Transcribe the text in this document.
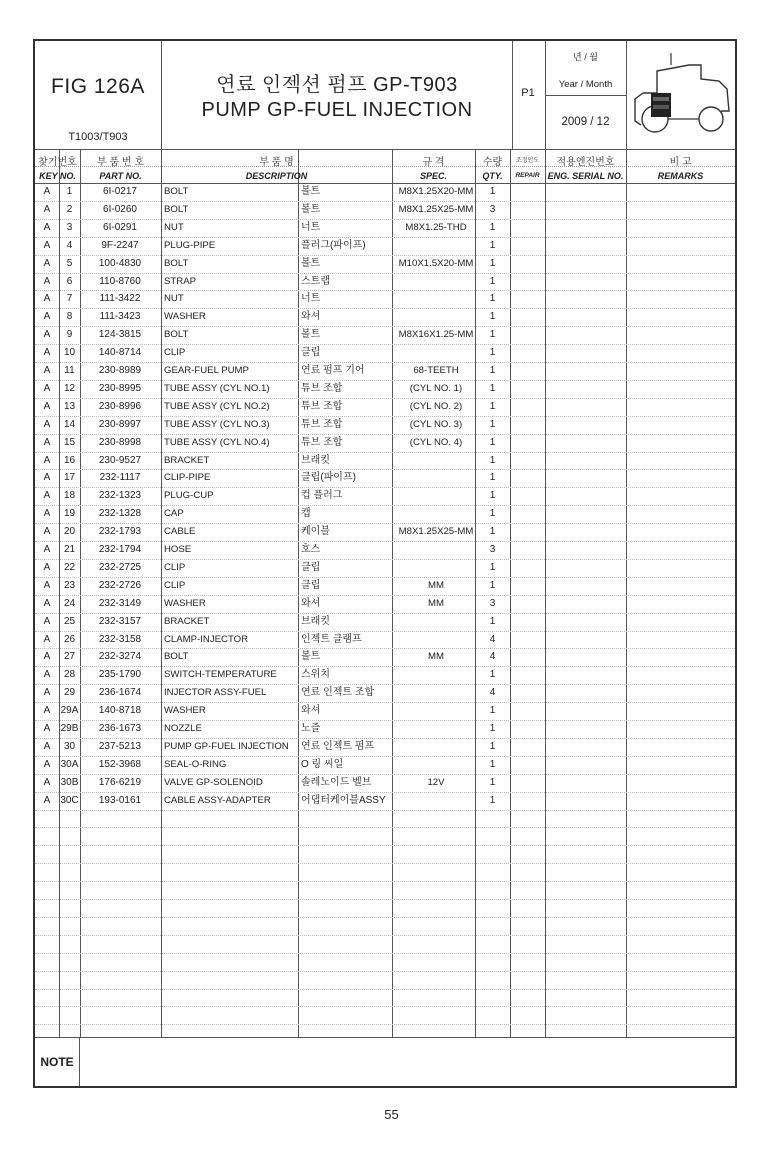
FIG 126A
T1003/T903
연료 인젝션 펌프 GP-T903
PUMP GP-FUEL INJECTION
P1
년 / 월
Year / Month
2009 / 12
찾기번호
KEY NO.
부 품 번 호
PART NO.
부 품 명
DESCRIPTION
규 격
SPEC.
수량
QTY.
조정인도
REPAIR
적용엔진번호
ENG. SERIAL NO.
비 고
REMARKS
A	1	6I-0217	BOLT	볼트	M8X1.25X20-MM	1
A	2	6I-0260	BOLT	볼트	M8X1.25X25-MM	3
A	3	6I-0291	NUT	너트	M8X1.25-THD	1
A	4	9F-2247	PLUG-PIPE	플러그(파이프)	1
A	5	100-4830	BOLT	볼트	M10X1.5X20-MM	1
A	6	110-8760	STRAP	스트랩	1
A	7	111-3422	NUT	너트	1
A	8	111-3423	WASHER	와셔	1
A	9	124-3815	BOLT	볼트	M8X16X1.25-MM	1
A	10	140-8714	CLIP	클립	1
A	11	230-8989	GEAR-FUEL PUMP	연료 펌프 기어	68-TEETH	1
A	12	230-8995	TUBE ASSY (CYL NO.1)	튜브 조합	(CYL NO. 1)	1
A	13	230-8996	TUBE ASSY (CYL NO.2)	튜브 조합	(CYL NO. 2)	1
A	14	230-8997	TUBE ASSY (CYL NO.3)	튜브 조합	(CYL NO. 3)	1
A	15	230-8998	TUBE ASSY (CYL NO.4)	튜브 조합	(CYL NO. 4)	1
A	16	230-9527	BRACKET	브래킷	1
A	17	232-1117	CLIP-PIPE	클립(파이프)	1
A	18	232-1323	PLUG-CUP	컵 플러그	1
A	19	232-1328	CAP	캡	1
A	20	232-1793	CABLE	케이블	M8X1.25X25-MM	1
A	21	232-1794	HOSE	호스	3
A	22	232-2725	CLIP	클립	1
A	23	232-2726	CLIP	클립	MM	1
A	24	232-3149	WASHER	와셔	MM	3
A	25	232-3157	BRACKET	브래킷	1
A	26	232-3158	CLAMP-INJECTOR	인젝트 클램프	4
A	27	232-3274	BOLT	볼트	MM	4
A	28	235-1790	SWITCH-TEMPERATURE	스위치	1
A	29	236-1674	INJECTOR ASSY-FUEL	연료 인젝트 조합	4
A	29A	140-8718	WASHER	와셔	1
A	29B	236-1673	NOZZLE	노즐	1
A	30	237-5213	PUMP GP-FUEL INJECTION	연료 인젝트 펌프	1
A	30A	152-3968	SEAL-O-RING	O 링 씨일	1
A	30B	176-6219	VALVE GP-SOLENOID	솔레노이드 벨브	12V	1
A 30C	193-0161	CABLE ASSY-ADAPTER	어댑터케이블ASSY	1
NOTE
55
